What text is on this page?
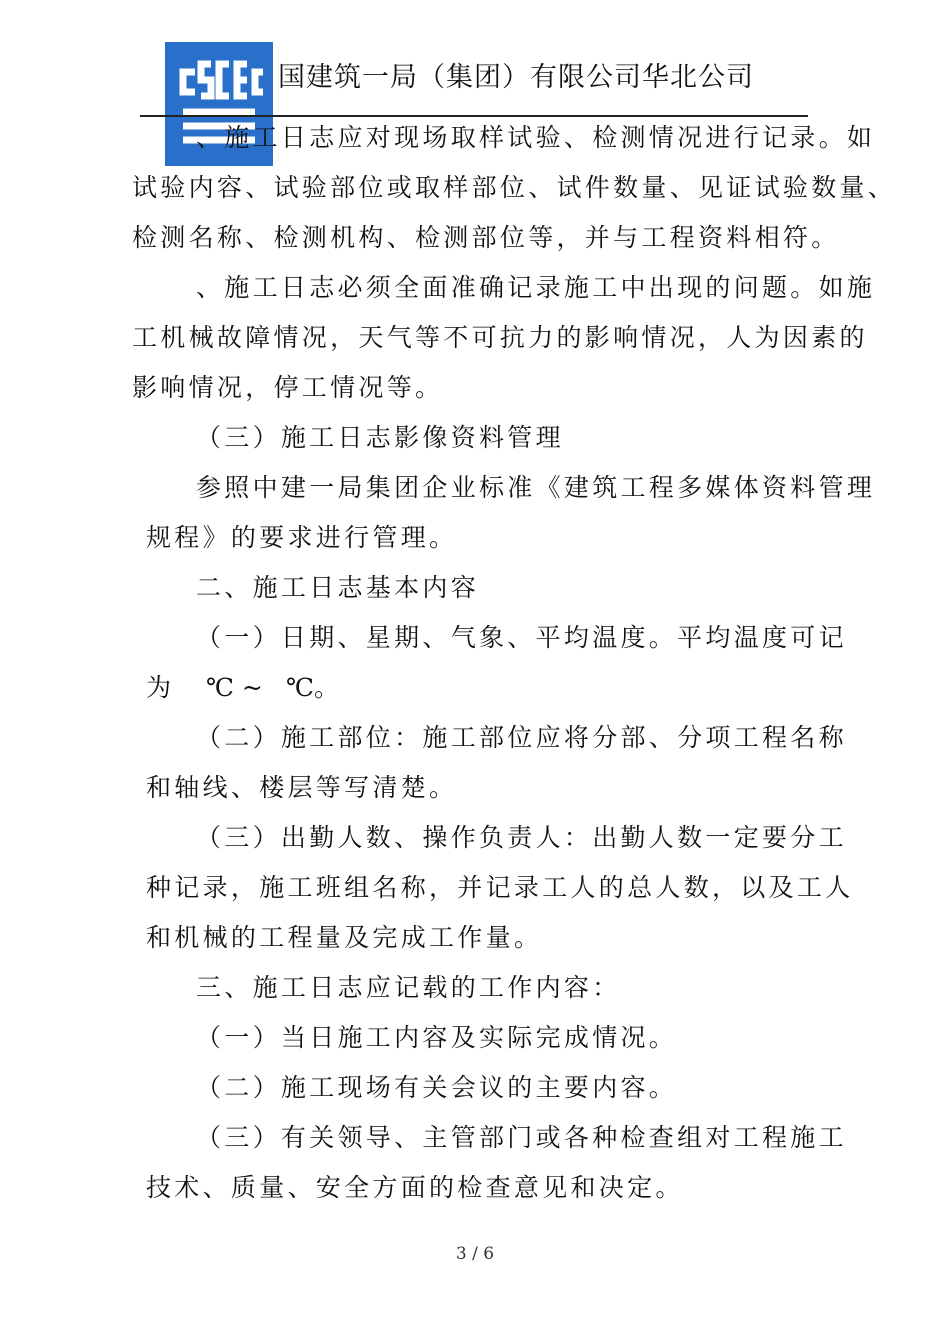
国建筑一局（集团）有限公司华北公司
、施工日志应对现场取样试验、检测情况进行记录。如
试验内容、试验部位或取样部位、试件数量、见证试验数量、
检测名称、检测机构、检测部位等，并与工程资料相符。
、施工日志必须全面准确记录施工中出现的问题。如施
工机械故障情况，天气等不可抗力的影响情况，人为因素的
影响情况，停工情况等。
（三）施工日志影像资料管理
参照中建一局集团企业标准《建筑工程多媒体资料管理
规程》的要求进行管理。
二、施工日志基本内容
（一）日期、星期、气象、平均温度。平均温度可记
为 ℃ ~ ℃。
（二）施工部位：施工部位应将分部、分项工程名称
和轴线、楼层等写清楚。
（三）出勤人数、操作负责人：出勤人数一定要分工
种记录，施工班组名称，并记录工人的总人数，以及工人
和机械的工程量及完成工作量。
三、施工日志应记载的工作内容：
（一）当日施工内容及实际完成情况。
（二）施工现场有关会议的主要内容。
（三）有关领导、主管部门或各种检查组对工程施工
技术、质量、安全方面的检查意见和决定。
3 / 6
